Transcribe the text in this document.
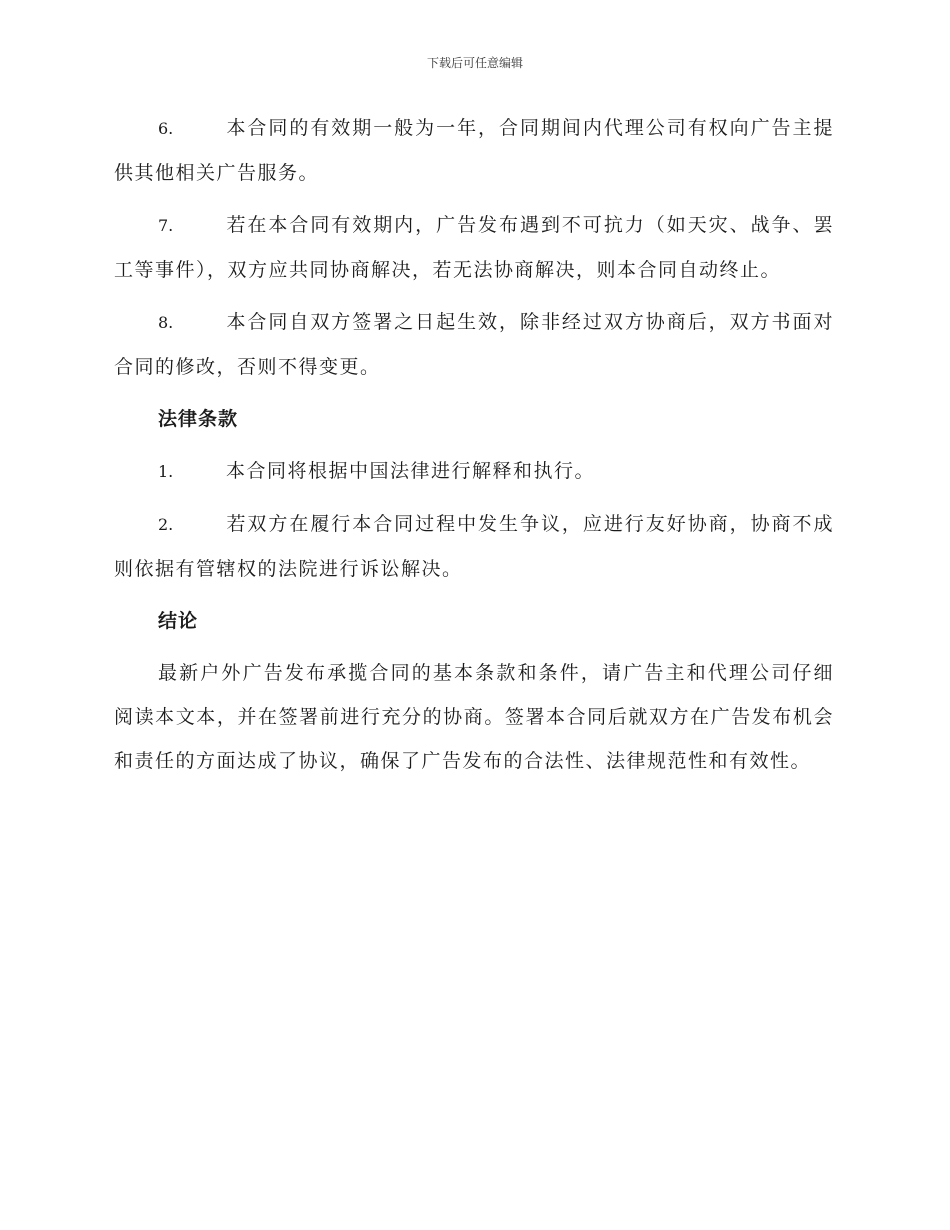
下载后可任意编辑

6.	本合同的有效期一般为一年，合同期间内代理公司有权向广告主提供其他相关广告服务。

7.	若在本合同有效期内，广告发布遇到不可抗力（如天灾、战争、罢工等事件），双方应共同协商解决，若无法协商解决，则本合同自动终止。

8.	本合同自双方签署之日起生效，除非经过双方协商后，双方书面对合同的修改，否则不得变更。

法律条款

1.	本合同将根据中国法律进行解释和执行。

2.	若双方在履行本合同过程中发生争议，应进行友好协商，协商不成则依据有管辖权的法院进行诉讼解决。

结论

最新户外广告发布承揽合同的基本条款和条件，请广告主和代理公司仔细阅读本文本，并在签署前进行充分的协商。签署本合同后就双方在广告发布机会和责任的方面达成了协议，确保了广告发布的合法性、法律规范性和有效性。
